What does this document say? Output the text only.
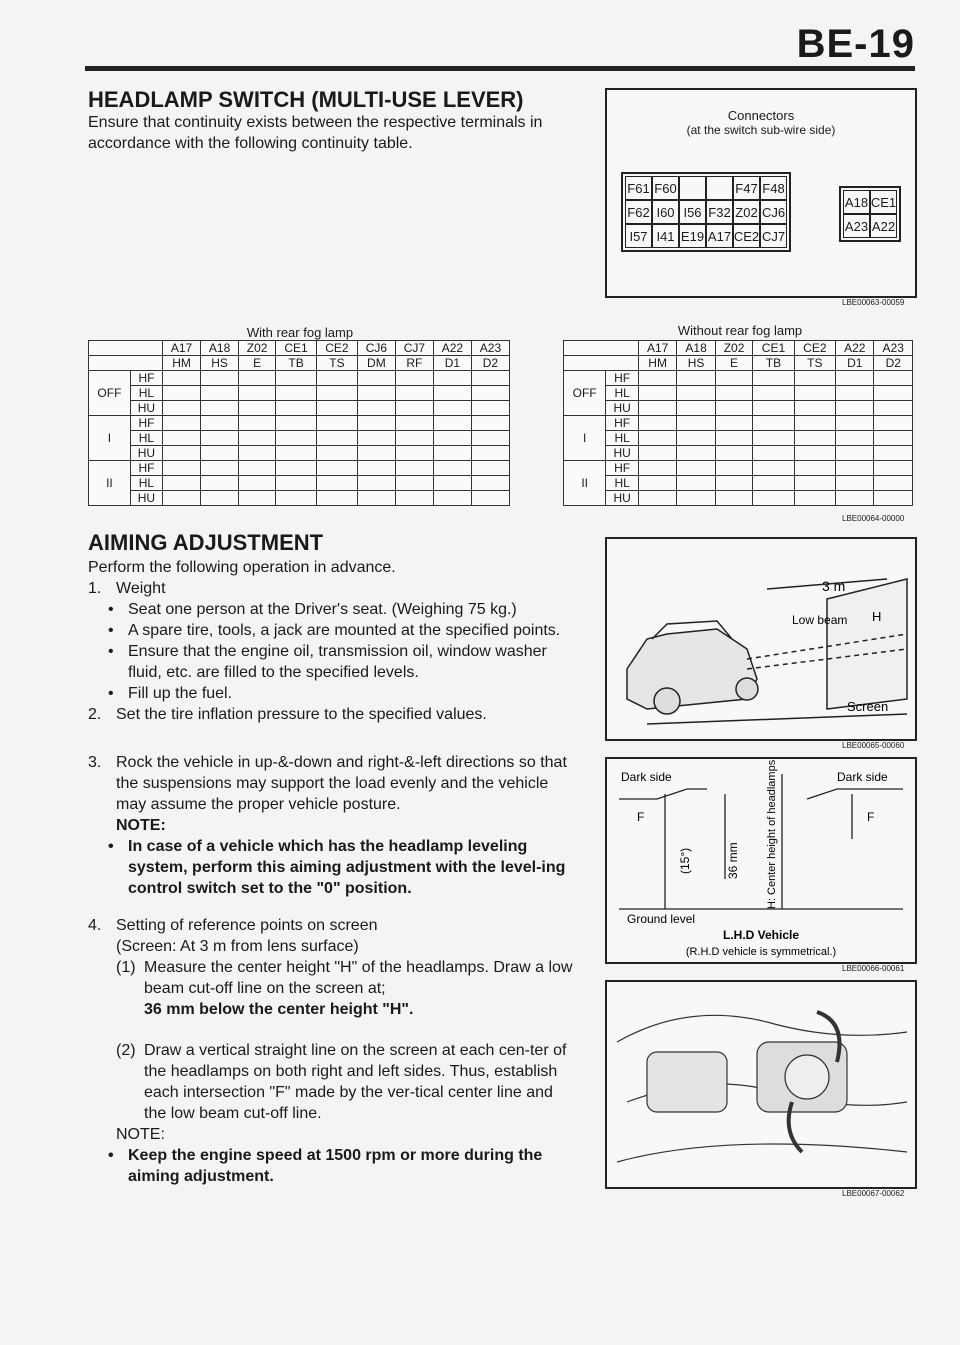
BE-19
HEADLAMP SWITCH (MULTI-USE LEVER)
Ensure that continuity exists between the respective terminals in accordance with the following continuity table.
Connectors
(at the switch sub-wire side)
F61 F60	F47 F48
F62 I60 I56 F32 Z02 CJ6
I57 I41 E19 A17 CE2 CJ7
A18 CE1
A23 A22
LBE00063-00059
With rear fog lamp
		A17	A18	Z02	CE1	CE2	CJ6	CJ7	A22	A23
		HM	HS	E	TB	TS	DM	RF	D1	D2
OFF	HF									
	HL									
	HU									
I	HF									
	HL									
	HU									
II	HF									
	HL									
	HU									
Without rear fog lamp
		A17	A18	Z02	CE1	CE2	A22	A23
		HM	HS	E	TB	TS	D1	D2
OFF	HF							
	HL							
	HU							
I	HF							
	HL							
	HU							
II	HF							
	HL							
	HU							
LBE00064-00000
AIMING ADJUSTMENT
Perform the following operation in advance.
1. Weight
• Seat one person at the Driver's seat. (Weighing 75 kg.)
• A spare tire, tools, a jack are mounted at the specified points.
• Ensure that the engine oil, transmission oil, window washer fluid, etc. are filled to the specified levels.
• Fill up the fuel.
2. Set the tire inflation pressure to the specified values.
3. Rock the vehicle in up-&-down and right-&-left directions so that the suspensions may support the load evenly and the vehicle may assume the proper vehicle posture.
NOTE:
• In case of a vehicle which has the headlamp leveling system, perform this aiming adjustment with the level-ing control switch set to the "0" position.
4. Setting of reference points on screen
(Screen: At 3 m from lens surface)
(1) Measure the center height "H" of the headlamps. Draw a low beam cut-off line on the screen at;
36 mm below the center height "H".
(2) Draw a vertical straight line on the screen at each cen-ter of the headlamps on both right and left sides. Thus, establish each intersection "F" made by the ver-tical center line and the low beam cut-off line.
NOTE:
• Keep the engine speed at 1500 rpm or more during the aiming adjustment.
3 m
Low beam H
Screen
LBE00065-00060
Dark side	Dark side
F	F
(15°)	36 mm H: Center height of headlamps
Ground level
L.H.D Vehicle
(R.H.D vehicle is symmetrical.)
LBE00066-00061
LBE00067-00062
